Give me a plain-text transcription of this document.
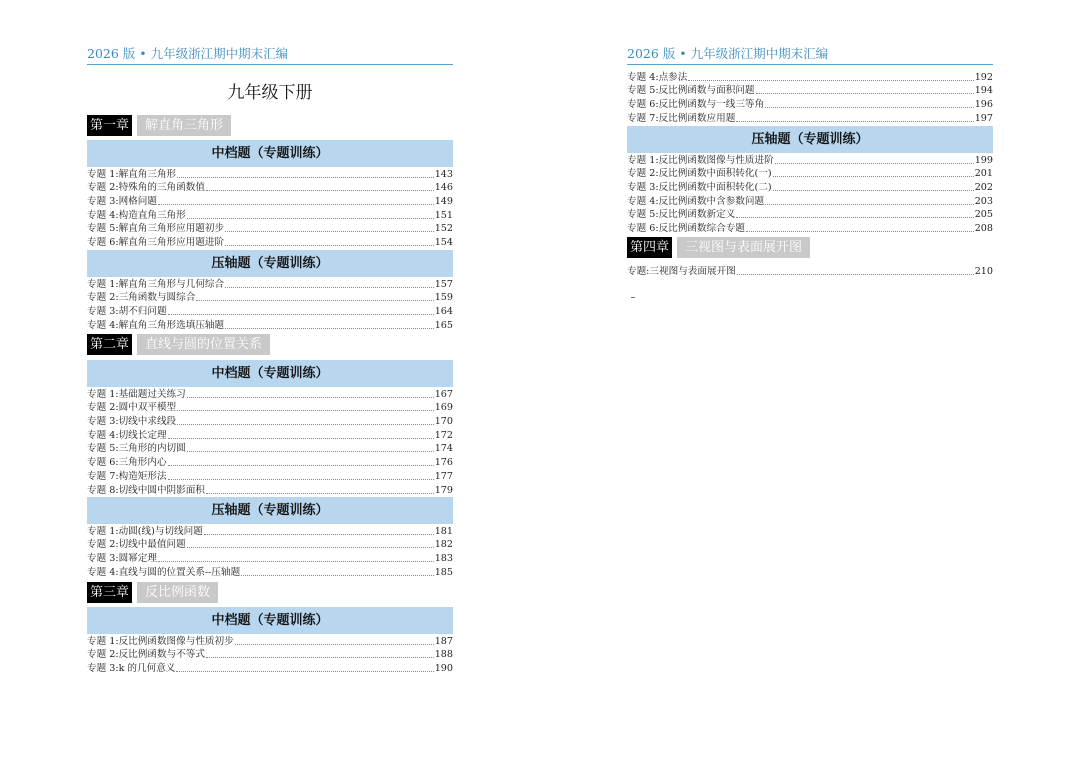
2026 版 • 九年级浙江期中期末汇编
九年级下册
第一章	解直角三角形
中档题（专题训练）
专题 1:解直角三角形	143
专题 2:特殊角的三角函数值	146
专题 3:网格问题	149
专题 4:构造直角三角形	151
专题 5:解直角三角形应用题初步	152
专题 6:解直角三角形应用题进阶	154
压轴题（专题训练）
专题 1:解直角三角形与几何综合	157
专题 2:三角函数与圆综合	159
专题 3:胡不归问题	164
专题 4:解直角三角形选填压轴题	165
第二章	直线与圆的位置关系
中档题（专题训练）
专题 1:基础题过关练习	167
专题 2:圆中双平模型	169
专题 3:切线中求线段	170
专题 4:切线长定理	172
专题 5:三角形的内切圆	174
专题 6:三角形内心	176
专题 7:构造矩形法	177
专题 8:切线中圆中阴影面积	179
压轴题（专题训练）
专题 1:动圆(线)与切线问题	181
专题 2:切线中最值问题	182
专题 3:圆幂定理	183
专题 4:直线与圆的位置关系--压轴题	185
第三章	反比例函数
中档题（专题训练）
专题 1:反比例函数图像与性质初步	187
专题 2:反比例函数与不等式	188
专题 3:k 的几何意义	190
2026 版 • 九年级浙江期中期末汇编
专题 4:点参法	192
专题 5:反比例函数与面积问题	194
专题 6:反比例函数与一线三等角	196
专题 7:反比例函数应用题	197
压轴题（专题训练）
专题 1:反比例函数图像与性质进阶	199
专题 2:反比例函数中面积转化(一)	201
专题 3:反比例函数中面积转化(二)	202
专题 4:反比例函数中含参数问题	203
专题 5:反比例函数新定义	205
专题 6:反比例函数综合专题	208
第四章	三视图与表面展开图
专题:三视图与表面展开图	210
